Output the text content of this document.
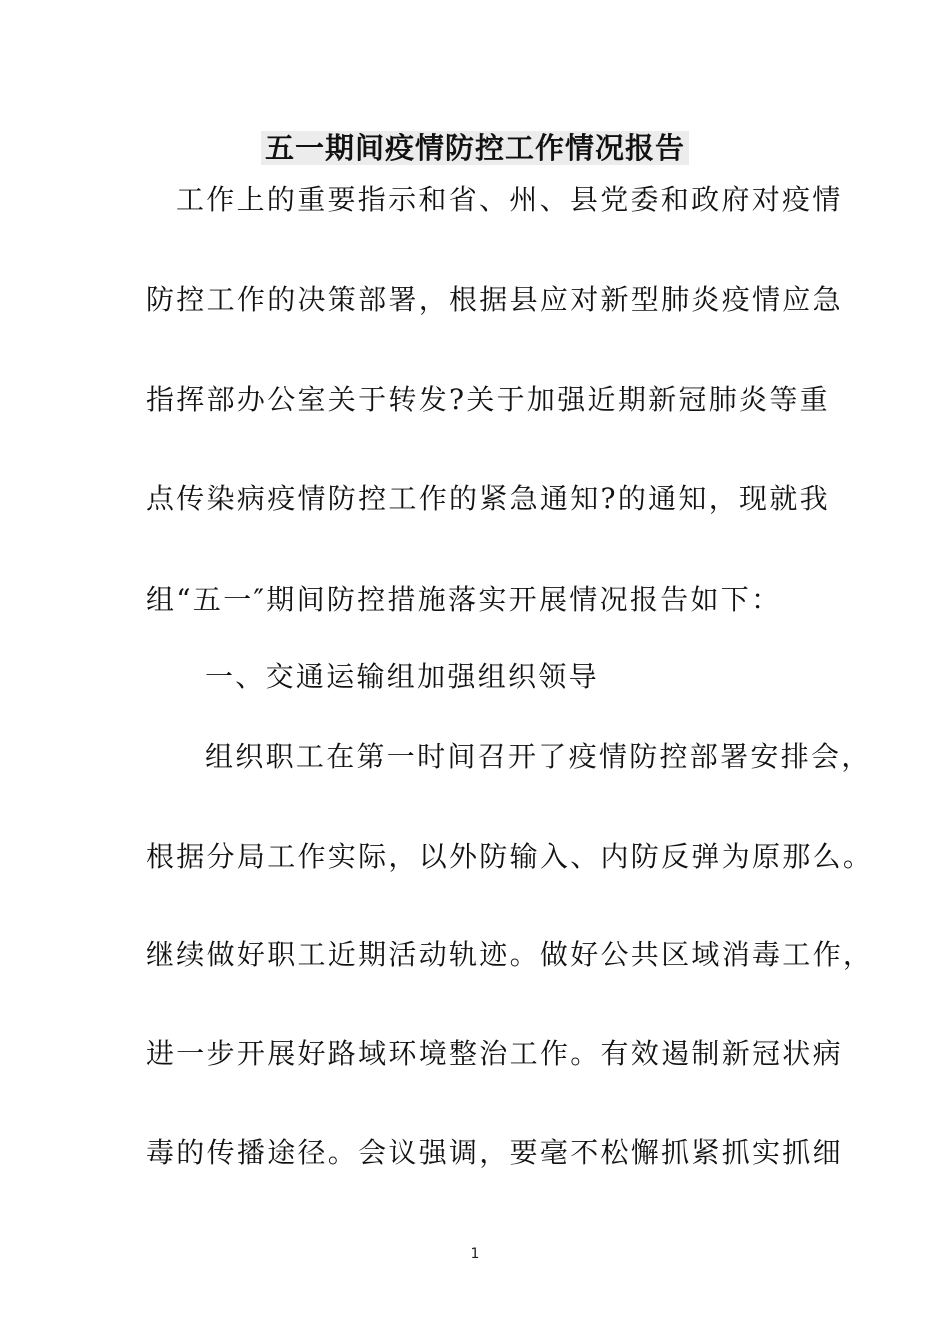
五一期间疫情防控工作情况报告
工作上的重要指示和省、州、县党委和政府对疫情
防控工作的决策部署，根据县应对新型肺炎疫情应急
指挥部办公室关于转发?关于加强近期新冠肺炎等重
点传染病疫情防控工作的紧急通知?的通知，现就我
组“五一″期间防控措施落实开展情况报告如下：
一、交通运输组加强组织领导
组织职工在第一时间召开了疫情防控部署安排会，
根据分局工作实际，以外防输入、内防反弹为原那么。
继续做好职工近期活动轨迹。做好公共区域消毒工作，
进一步开展好路域环境整治工作。有效遏制新冠状病
毒的传播途径。会议强调，要毫不松懈抓紧抓实抓细
1
